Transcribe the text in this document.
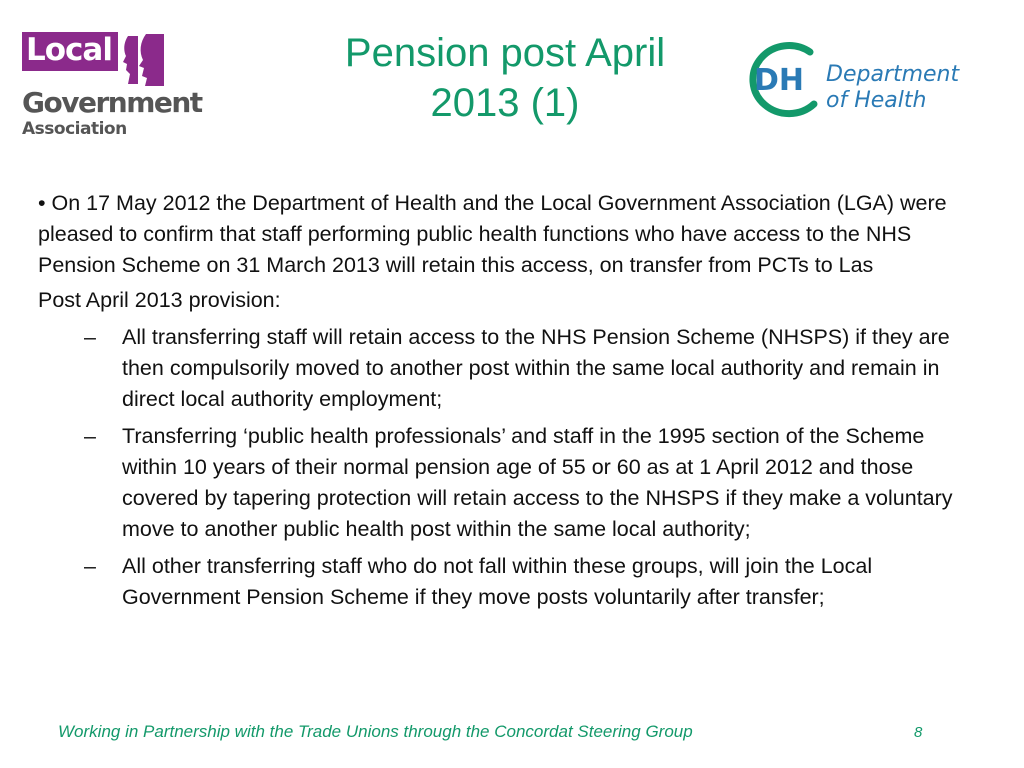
Local
Government
Association
Pension post April
2013 (1)
DH Department
of Health

• On 17 May 2012 the Department of Health and the Local Government Association (LGA) were pleased to confirm that staff performing public health functions who have access to the NHS Pension Scheme on 31 March 2013 will retain this access, on transfer from PCTs to Las

Post April 2013 provision:

– All transferring staff will retain access to the NHS Pension Scheme (NHSPS) if they are then compulsorily moved to another post within the same local authority and remain in direct local authority employment;
– Transferring ‘public health professionals’ and staff in the 1995 section of the Scheme within 10 years of their normal pension age of 55 or 60 as at 1 April 2012 and those covered by tapering protection will retain access to the NHSPS if they make a voluntary move to another public health post within the same local authority;
– All other transferring staff who do not fall within these groups, will join the Local Government Pension Scheme if they move posts voluntarily after transfer;
Working in Partnership with the Trade Unions through the Concordat Steering Group	8
